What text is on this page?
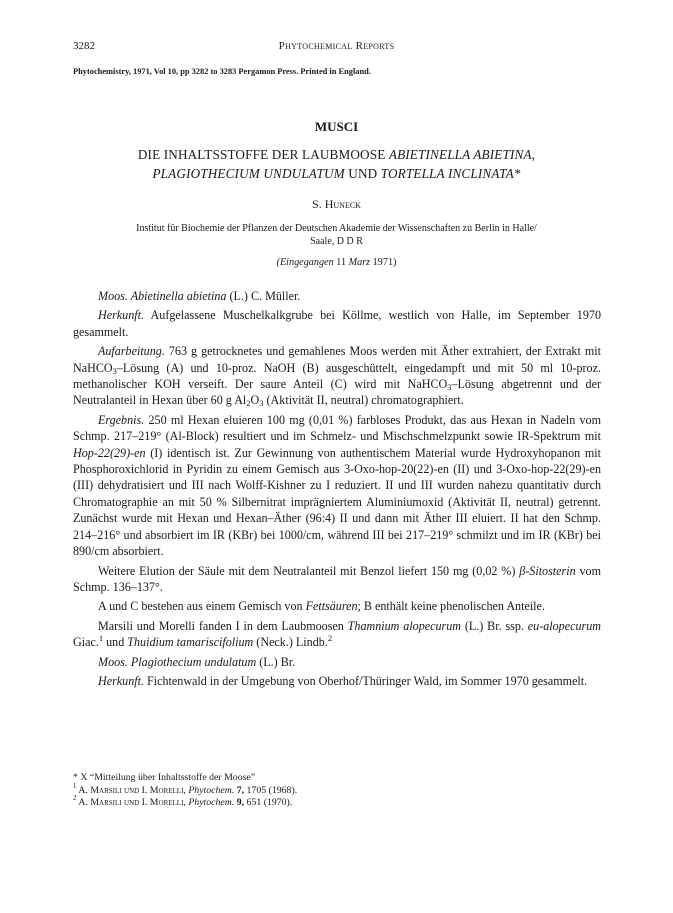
3282	Phytochemical Reports
Phytochemistry, 1971, Vol 10, pp 3282 to 3283 Pergamon Press. Printed in England.
MUSCI
DIE INHALTSSTOFFE DER LAUBMOOSE ABIETINELLA ABIETINA,
PLAGIOTHECIUM UNDULATUM UND TORTELLA INCLINATA*
S. Huneck
Institut für Biochemie der Pflanzen der Deutschen Akademie der Wissenschaften zu Berlin in Halle/
Saale, D D R
(Eingegangen 11 Marz 1971)

Moos. Abietinella abietina (L.) C. Müller.

Herkunft. Aufgelassene Muschelkalkgrube bei Köllme, westlich von Halle, im September 1970 gesammelt.

Aufarbeitung. 763 g getrocknetes und gemahlenes Moos werden mit Äther extrahiert, der Extrakt mit NaHCO$_3$–Lösung (A) und 10-proz. NaOH (B) ausgeschüttelt, eingedampft und mit 50 ml 10-proz. methanolischer KOH verseift. Der saure Anteil (C) wird mit NaHCO$_3$–Lösung abgetrennt und der Neutralanteil in Hexan über 60 g $Al_2O_3$ (Aktivität II, neutral) chromatographiert.

Ergebnis. 250 ml Hexan eluieren 100 mg (0,01 %) farbloses Produkt, das aus Hexan in Nadeln vom Schmp. 217–219° (Al-Block) resultiert und im Schmelz- und Mischschmelzpunkt sowie IR-Spektrum mit Hop-22(29)-en (I) identisch ist. Zur Gewinnung von authentischem Material wurde Hydroxyhopanon mit Phosphoroxichlorid in Pyridin zu einem Gemisch aus 3-Oxo-hop-20(22)-en (II) und 3-Oxo-hop-22(29)-en (III) dehydratisiert und III nach Wolff-Kishner zu I reduziert. II und III wurden nahezu quantitativ durch Chromatographie an mit 50 % Silbernitrat imprägniertem Aluminiumoxid (Aktivität II, neutral) getrennt. Zunächst wurde mit Hexan und Hexan–Äther (96:4) II und dann mit Äther III eluiert. II hat den Schmp. 214–216° und absorbiert im IR (KBr) bei 1000/cm, während III bei 217–219° schmilzt und im IR (KBr) bei 890/cm absorbiert.

Weitere Elution der Säule mit dem Neutralanteil mit Benzol liefert 150 mg (0,02 %) β-Sitosterin vom Schmp. 136–137°.

A und C bestehen aus einem Gemisch von Fettsäuren; B enthält keine phenolischen Anteile.

Marsili und Morelli fanden I in dem Laubmoosen Thamnium alopecurum (L.) Br. ssp. eu-alopecurum Giac.$^1$ und Thuidium tamariscifolium (Neck.) Lindb.$^2$

Moos. Plagiothecium undulatum (L.) Br.

Herkunft. Fichtenwald in der Umgebung von Oberhof/Thüringer Wald, im Sommer 1970 gesammelt.

* X “Mitteilung über Inhaltsstoffe der Moose”
$^1$ A. Marsili und I. Morelli, Phytochem. 7, 1705 (1968).
$^2$ A. Marsili und I. Morelli, Phytochem. 9, 651 (1970).
